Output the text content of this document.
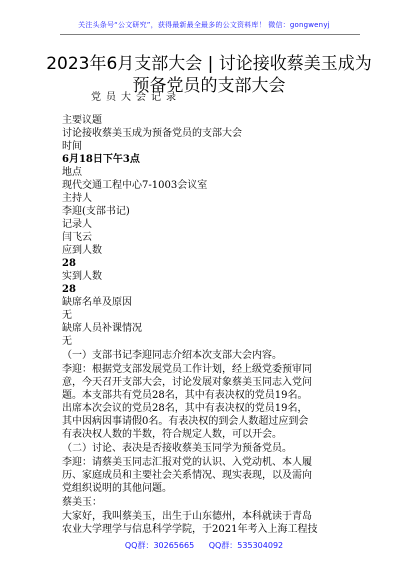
关注头条号“公文研究”，获得最新最全最多的公文资料库！ 微信：gongwenyj
2023年6月支部大会 | 讨论接收蔡美玉成为预备党员的支部大会
党员大会记录
主要议题
讨论接收蔡美玉成为预备党员的支部大会
时间
6月18日下午3点
地点
现代交通工程中心7-1003会议室
主持人
李迎(支部书记)
记录人
闫飞云
应到人数
28
实到人数
28
缺席名单及原因
无
缺席人员补课情况
无
（一）支部书记李迎同志介绍本次支部大会内容。
李迎：根据党支部发展党员工作计划，经上级党委预审同
意，今天召开支部大会，讨论发展对象蔡美玉同志入党问
题。本支部共有党员28名，其中有表决权的党员19名。
出席本次会议的党员28名，其中有表决权的党员19名，
其中因病因事请假0名。有表决权的到会人数超过应到会
有表决权人数的半数，符合规定人数，可以开会。
（二）讨论、表决是否接收蔡美玉同学为预备党员。
李迎：请蔡美玉同志汇报对党的认识、入党动机、本人履
历、家庭成员和主要社会关系情况、现实表现，以及需向
党组织说明的其他问题。
蔡美玉：
大家好，我叫蔡美玉，出生于山东德州，本科就读于青岛
农业大学理学与信息科学学院，于2021年考入上海工程技
QQ群：30265665 QQ群：535304092
